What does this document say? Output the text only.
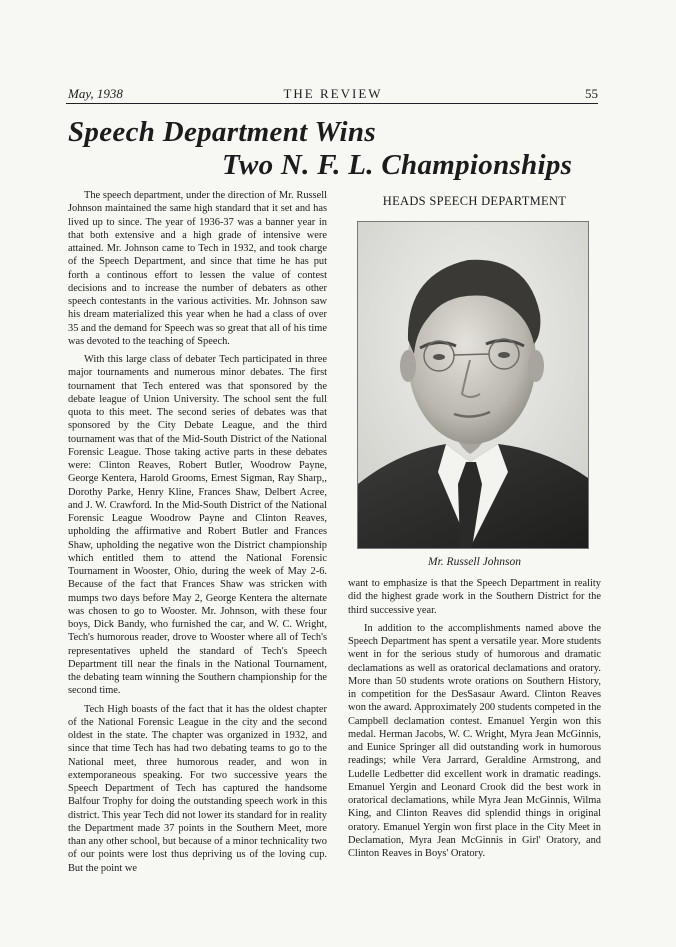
May, 1938	THE REVIEW	55
Speech Department Wins
Two N. F. L. Championships

The speech department, under the direction of Mr. Russell Johnson maintained the same high standard that it set and has lived up to since. The year of 1936-37 was a banner year in that both extensive and a high grade of intensive were attained. Mr. Johnson came to Tech in 1932, and took charge of the Speech Department, and since that time he has put forth a continous effort to lessen the value of contest decisions and to increase the number of debaters as other speech contestants in the various activities. Mr. Johnson saw his dream materialized this year when he had a class of over 35 and the demand for Speech was so great that all of his time was devoted to the teaching of Speech.

With this large class of debater Tech participated in three major tournaments and numerous minor debates. The first tournament that Tech entered was that sponsored by the debate league of Union University. The school sent the full quota to this meet. The second series of debates was that sponsored by the City Debate League, and the third tournament was that of the Mid-South District of the National Forensic League. Those taking active parts in these debates were: Clinton Reaves, Robert Butler, Woodrow Payne, George Kentera, Harold Grooms, Ernest Sigman, Ray Sharp,, Dorothy Parke, Henry Kline, Frances Shaw, Delbert Acree, and J. W. Crawford. In the Mid-South District of the National Forensic League Woodrow Payne and Clinton Reaves, upholding the affirmative and Robert Butler and Frances Shaw, upholding the negative won the District championship which entitled them to attend the National Forensic Tournament in Wooster, Ohio, during the week of May 2-6. Because of the fact that Frances Shaw was stricken with mumps two days before May 2, George Kentera the alternate was chosen to go to Wooster. Mr. Johnson, with these four boys, Dick Bandy, who furnished the car, and W. C. Wright, Tech's humorous reader, drove to Wooster where all of Tech's representatives upheld the standard of Tech's Speech Department till near the finals in the National Tournament, the debating team winning the Southern championship for the second time.

Tech High boasts of the fact that it has the oldest chapter of the National Forensic League in the city and the second oldest in the state. The chapter was organized in 1932, and since that time Tech has had two debating teams to go to the National meet, three humorous reader, and won in extemporaneous speaking. For two successive years the Speech Department of Tech has captured the handsome Balfour Trophy for doing the outstanding speech work in this district. This year Tech did not lower its standard for in reality the Department made 37 points in the Southern Meet, more than any other school, but because of a minor technicality two of our points were lost thus depriving us of the loving cup. But the point we

HEADS SPEECH DEPARTMENT
Mr. Russell Johnson

want to emphasize is that the Speech Department in reality did the highest grade work in the Southern District for the third successive year.

In addition to the accomplishments named above the Speech Department has spent a versatile year. More students went in for the serious study of humorous and dramatic declamations as well as oratorical declamations and oratory. More than 50 students wrote orations on Southern History, in competition for the DesSasaur Award. Clinton Reaves won the award. Approximately 200 students competed in the Campbell declamation contest. Emanuel Yergin won this medal. Herman Jacobs, W. C. Wright, Myra Jean McGinnis, and Eunice Springer all did outstanding work in humorous readings; while Vera Jarrard, Geraldine Armstrong, and Ludelle Ledbetter did excellent work in dramatic readings. Emanuel Yergin and Leonard Crook did the best work in oratorical declamations, while Myra Jean McGinnis, Wilma King, and Clinton Reaves did splendid things in original oratory. Emanuel Yergin won first place in the City Meet in Declamation, Myra Jean McGinnis in Girl' Oratory, and Clinton Reaves in Boys' Oratory.
